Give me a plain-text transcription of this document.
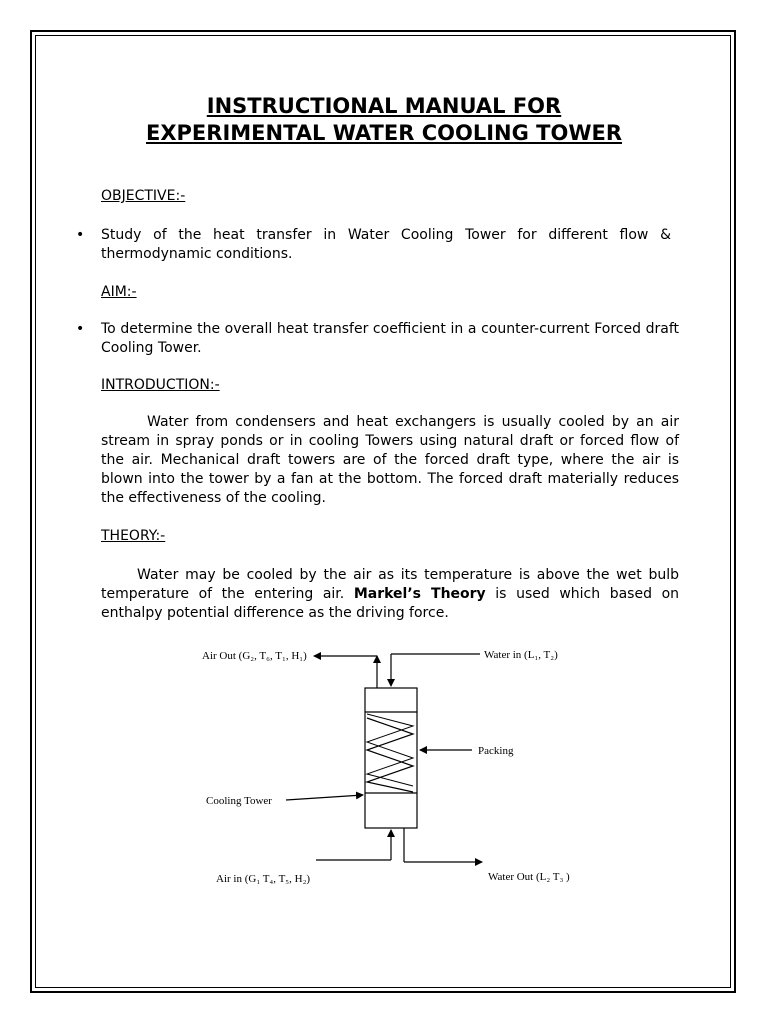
INSTRUCTIONAL MANUAL FOR
EXPERIMENTAL WATER COOLING TOWER
OBJECTIVE:-
• Study of the heat transfer in Water Cooling Tower for different flow & thermodynamic conditions.
AIM:-
• To determine the overall heat transfer coefficient in a counter-current Forced draft Cooling Tower.
INTRODUCTION:-
Water from condensers and heat exchangers is usually cooled by an air stream in spray ponds or in cooling Towers using natural draft or forced flow of the air. Mechanical draft towers are of the forced draft type, where the air is blown into the tower by a fan at the bottom. The forced draft materially reduces the effectiveness of the cooling.
THEORY:-
Water may be cooled by the air as its temperature is above the wet bulb temperature of the entering air. Markel’s Theory is used which based on enthalpy potential difference as the driving force.
Air Out (G₂, T₆, T₁, H₁)	Water in (L₁, T₂)
Packing
Cooling Tower
Air in (G₁ T₄, T₅, H₂)	Water Out (L₂ T₃ )
